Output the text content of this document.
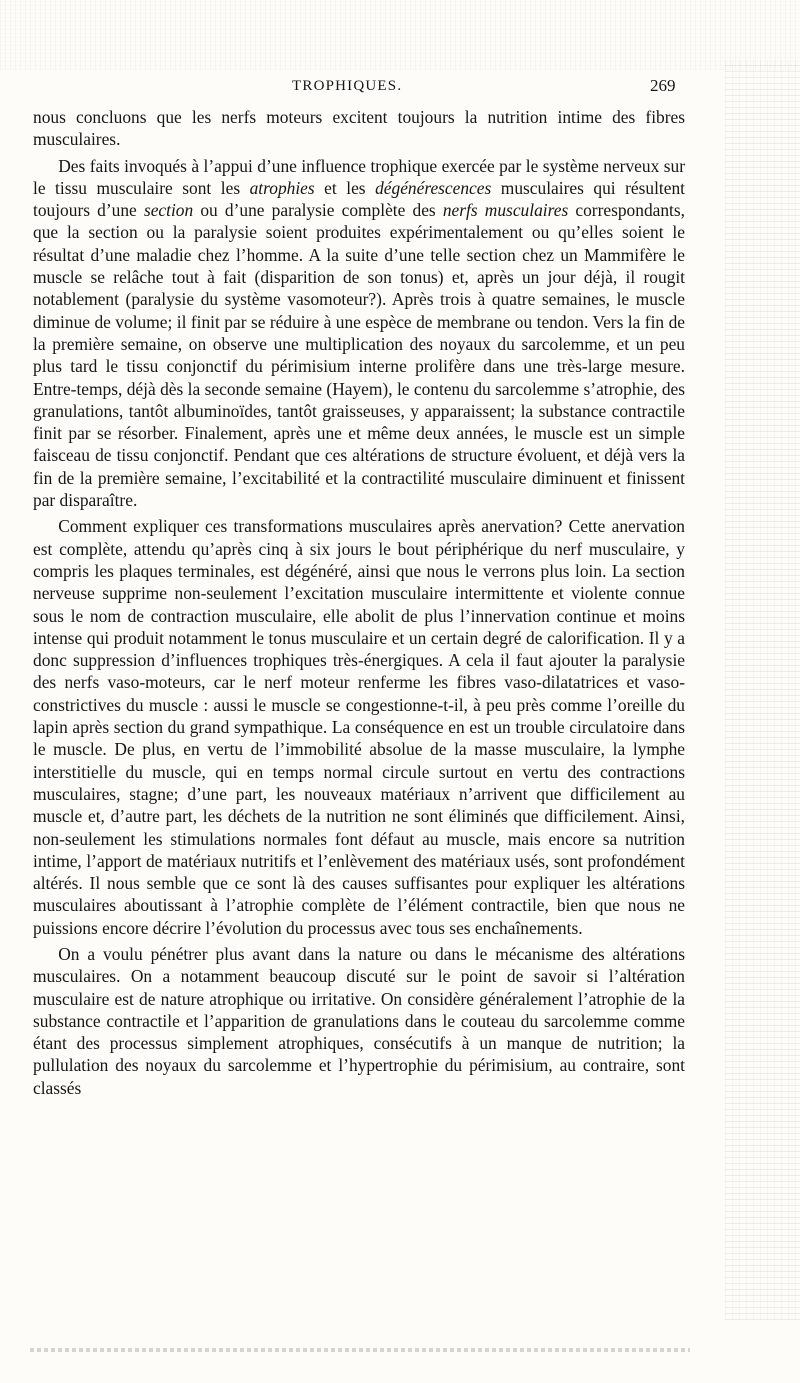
TROPHIQUES.	269

nous concluons que les nerfs moteurs excitent toujours la nutrition intime des fibres musculaires.

Des faits invoqués à l’appui d’une influence trophique exercée par le système nerveux sur le tissu musculaire sont les atrophies et les dégénérescences musculaires qui résultent toujours d’une section ou d’une paralysie complète des nerfs musculaires correspondants, que la section ou la paralysie soient produites expérimentalement ou qu’elles soient le résultat d’une maladie chez l’homme. A la suite d’une telle section chez un Mammifère le muscle se relâche tout à fait (disparition de son tonus) et, après un jour déjà, il rougit notablement (paralysie du système vasomoteur?). Après trois à quatre semaines, le muscle diminue de volume; il finit par se réduire à une espèce de membrane ou tendon. Vers la fin de la première semaine, on observe une multiplication des noyaux du sarcolemme, et un peu plus tard le tissu conjonctif du périmisium interne prolifère dans une très-large mesure. Entre-temps, déjà dès la seconde semaine (Hayem), le contenu du sarcolemme s’atrophie, des granulations, tantôt albuminoïdes, tantôt graisseuses, y apparaissent; la substance contractile finit par se résorber. Finalement, après une et même deux années, le muscle est un simple faisceau de tissu conjonctif. Pendant que ces altérations de structure évoluent, et déjà vers la fin de la première semaine, l’excitabilité et la contractilité musculaire diminuent et finissent par disparaître.

Comment expliquer ces transformations musculaires après anervation? Cette anervation est complète, attendu qu’après cinq à six jours le bout périphérique du nerf musculaire, y compris les plaques terminales, est dégénéré, ainsi que nous le verrons plus loin. La section nerveuse supprime non-seulement l’excitation musculaire intermittente et violente connue sous le nom de contraction musculaire, elle abolit de plus l’innervation continue et moins intense qui produit notamment le tonus musculaire et un certain degré de calorification. Il y a donc suppression d’influences trophiques très-énergiques. A cela il faut ajouter la paralysie des nerfs vaso-moteurs, car le nerf moteur renferme les fibres vaso-dilatatrices et vaso-constrictives du muscle : aussi le muscle se congestionne-t-il, à peu près comme l’oreille du lapin après section du grand sympathique. La conséquence en est un trouble circulatoire dans le muscle. De plus, en vertu de l’immobilité absolue de la masse musculaire, la lymphe interstitielle du muscle, qui en temps normal circule surtout en vertu des contractions musculaires, stagne; d’une part, les nouveaux matériaux n’arrivent que difficilement au muscle et, d’autre part, les déchets de la nutrition ne sont éliminés que difficilement. Ainsi, non-seulement les stimulations normales font défaut au muscle, mais encore sa nutrition intime, l’apport de matériaux nutritifs et l’enlèvement des matériaux usés, sont profondément altérés. Il nous semble que ce sont là des causes suffisantes pour expliquer les altérations musculaires aboutissant à l’atrophie complète de l’élément contractile, bien que nous ne puissions encore décrire l’évolution du processus avec tous ses enchaînements.

On a voulu pénétrer plus avant dans la nature ou dans le mécanisme des altérations musculaires. On a notamment beaucoup discuté sur le point de savoir si l’altération musculaire est de nature atrophique ou irritative. On considère généralement l’atrophie de la substance contractile et l’apparition de granulations dans le couteau du sarcolemme comme étant des processus simplement atrophiques, consécutifs à un manque de nutrition; la pullulation des noyaux du sarcolemme et l’hypertrophie du périmisium, au contraire, sont classés
